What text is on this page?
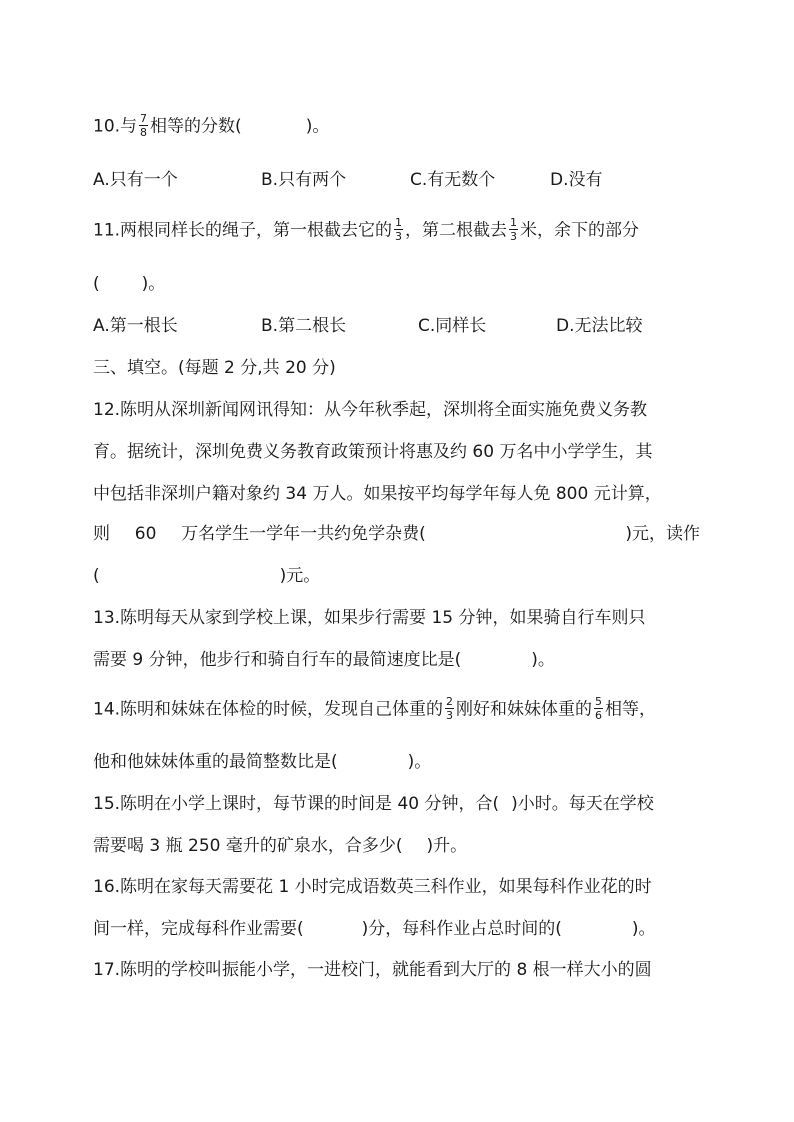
10.与 $\frac{7}{8}$ 相等的分数(	)。
A.只有一个	B.只有两个	C.有无数个	D.没有
11.两根同样长的绳子，第一根截去它的 $\frac{1}{3}$ ，第二根截去 $\frac{1}{3}$ 米，余下的部分
( )。
A.第一根长	B.第二根长	C.同样长	D.无法比较
三、填空。(每题 2 分,共 20 分)
12.陈明从深圳新闻网讯得知：从今年秋季起，深圳将全面实施免费义务教
育。据统计，深圳免费义务教育政策预计将惠及约 60 万名中小学学生，其
中包括非深圳户籍对象约 34 万人。如果按平均每学年每人免 800 元计算，
则 60 万名学生一学年一共约免学杂费(	)元，读作
(	)元。
13.陈明每天从家到学校上课，如果步行需要 15 分钟，如果骑自行车则只
需要 9 分钟，他步行和骑自行车的最简速度比是(	)。
14.陈明和妹妹在体检的时候，发现自己体重的 $\frac{2}{3}$ 刚好和妹妹体重的 $\frac{5}{6}$ 相等，
他和他妹妹体重的最简整数比是(	)。
15.陈明在小学上课时，每节课的时间是 40 分钟，合( )小时。每天在学校
需要喝 3 瓶 250 毫升的矿泉水，合多少( )升。
16.陈明在家每天需要花 1 小时完成语数英三科作业，如果每科作业花的时
间一样，完成每科作业需要(	)分，每科作业占总时间的(	)。
17.陈明的学校叫振能小学，一进校门，就能看到大厅的 8 根一样大小的圆
